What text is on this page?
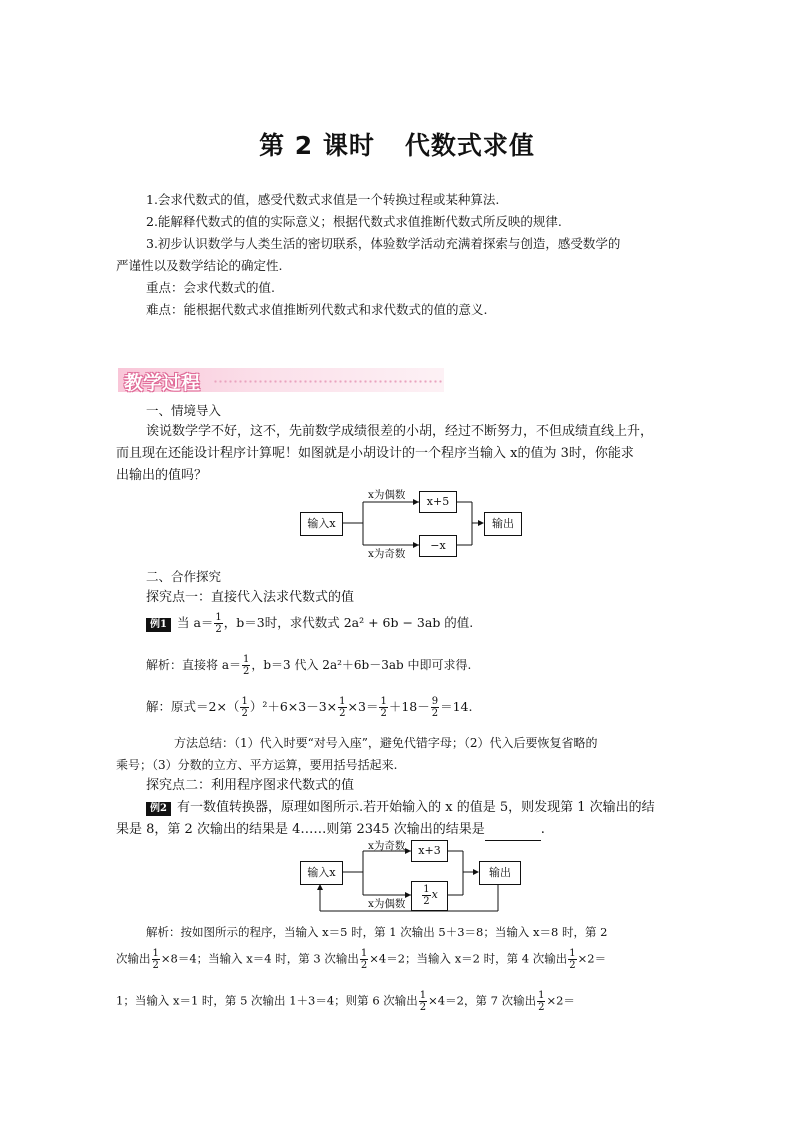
第 2 课时 代数式求值
1.会求代数式的值，感受代数式求值是一个转换过程或某种算法.
2.能解释代数式的值的实际意义；根据代数式求值推断代数式所反映的规律.
3.初步认识数学与人类生活的密切联系，体验数学活动充满着探索与创造，感受数学的
严谨性以及数学结论的确定性.
重点：会求代数式的值.
难点：能根据代数式求值推断列代数式和求代数式的值的意义.
教学过程
一、情境导入
诶说数学学不好，这不，先前数学成绩很差的小胡，经过不断努力，不但成绩直线上升，
而且现在还能设计程序计算呢！如图就是小胡设计的一个程序当输入 x的值为 3时，你能求
出输出的值吗？
输入x
x为偶数	x+5
x为奇数
−x
输出
二、合作探究
探究点一：直接代入法求代数式的值
例1 当 $a= \frac{1}{2}$ ，b＝3时，求代数式 2a² + 6b − 3ab 的值.
解析：直接将 $a= \frac{1}{2}$ ，b＝3 代入 2a²＋6b－3ab 中即可求得.
解：原式$=2\times( \frac{1}{2} )^2+6\times 3-3\times \frac{1}{2} \times 3= \frac{1}{2} +18- \frac{9}{2} =14$.
方法总结：（1）代入时要“对号入座”，避免代错字母；（2）代入后要恢复省略的
乘号；（3）分数的立方、平方运算，要用括号括起来.
探究点二：利用程序图求代数式的值
例2 有一数值转换器，原理如图所示.若开始输入的 x 的值是 5，则发现第 1 次输出的结
果是 8，第 2 次输出的结果是 4……则第 2345 次输出的结果是	.
输入x
x为奇数	x+3
x为偶数 $\frac{1}{2}$ x
输出
解析：按如图所示的程序，当输入 x＝5 时，第 1 次输出 5＋3＝8；当输入 x＝8 时，第 2
次输出 $\frac{1}{2} \times 8=4$；当输入 x＝4 时，第 3 次输出 $\frac{1}{2} \times 4=2$；当输入 x＝2 时，第 4 次输出 $\frac{1}{2} \times 2=$
1；当输入 x＝1 时，第 5 次输出 1＋3＝4；则第 6 次输出 $\frac{1}{2} \times 4=2$，第 7 次输出 $\frac{1}{2} \times 2=$
